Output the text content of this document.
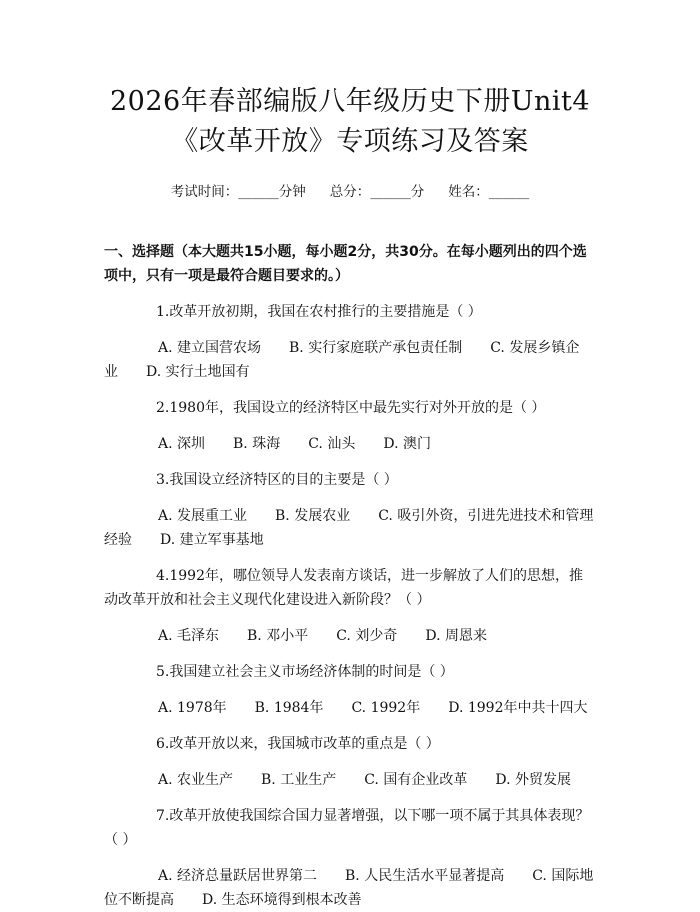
2026年春部编版八年级历史下册Unit4《改革开放》专项练习及答案
考试时间：______分钟 总分：______分 姓名：______
一、选择题（本大题共15小题，每小题2分，共30分。在每小题列出的四个选项中，只有一项是最符合题目要求的。）
1.改革开放初期，我国在农村推行的主要措施是（ ）
A. 建立国营农场 B. 实行家庭联产承包责任制 C. 发展乡镇企业 D. 实行土地国有
2.1980年，我国设立的经济特区中最先实行对外开放的是（ ）
A. 深圳 B. 珠海 C. 汕头 D. 澳门
3.我国设立经济特区的目的主要是（ ）
A. 发展重工业 B. 发展农业 C. 吸引外资，引进先进技术和管理经验 D. 建立军事基地
4.1992年，哪位领导人发表南方谈话，进一步解放了人们的思想，推动改革开放和社会主义现代化建设进入新阶段？（ ）
A. 毛泽东 B. 邓小平 C. 刘少奇 D. 周恩来
5.我国建立社会主义市场经济体制的时间是（ ）
A. 1978年 B. 1984年 C. 1992年 D. 1992年中共十四大
6.改革开放以来，我国城市改革的重点是（ ）
A. 农业生产 B. 工业生产 C. 国有企业改革 D. 外贸发展
7.改革开放使我国综合国力显著增强，以下哪一项不属于其具体表现？（ ）
A. 经济总量跃居世界第二 B. 人民生活水平显著提高 C. 国际地位不断提高 D. 生态环境得到根本改善
